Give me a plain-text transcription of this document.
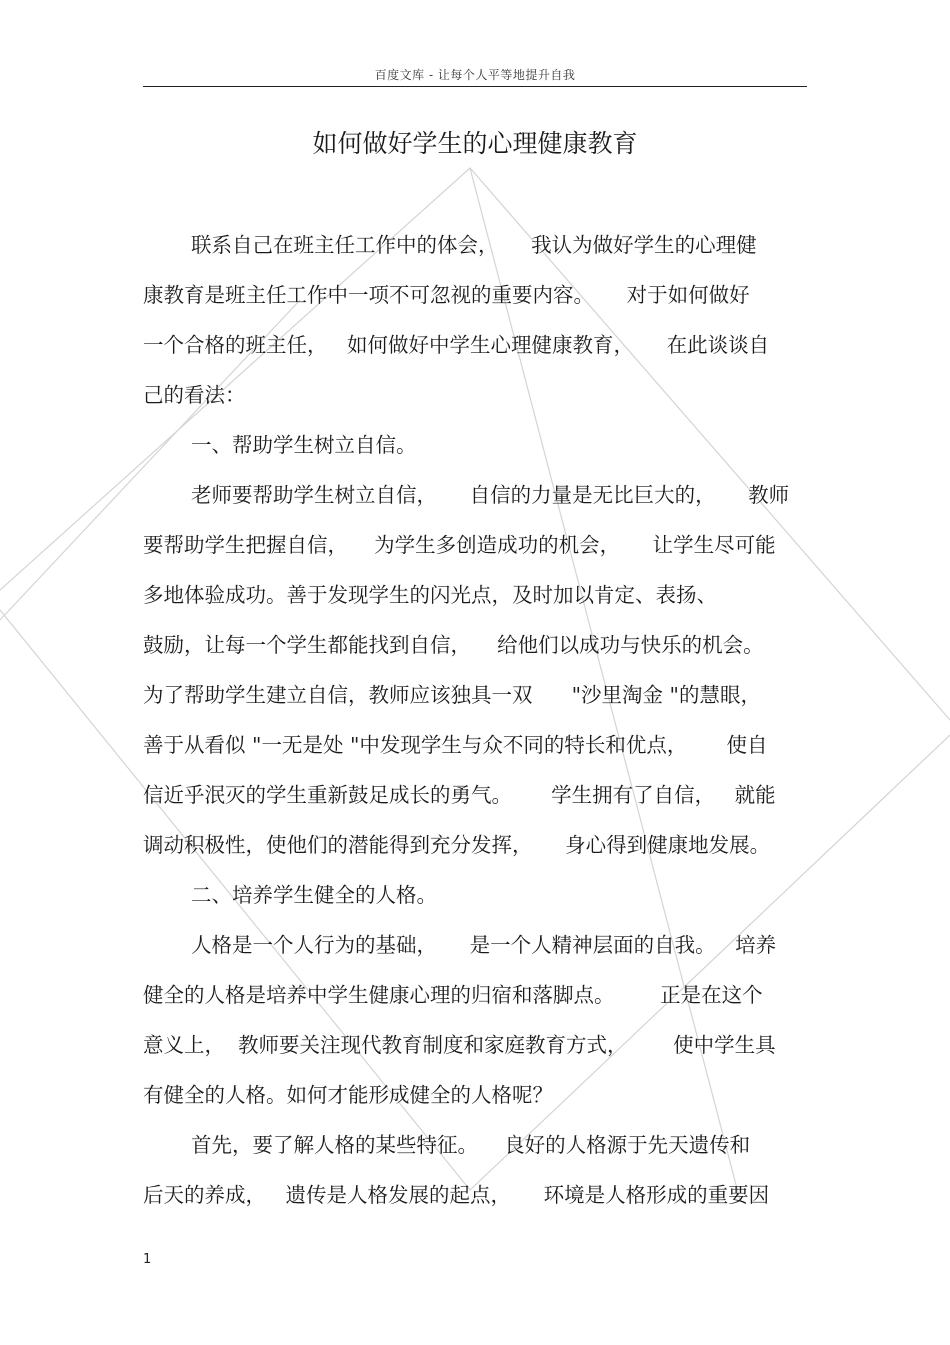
百度文库 - 让每个人平等地提升自我
如何做好学生的心理健康教育
联系自己在班主任工作中的体会，     我认为做好学生的心理健
康教育是班主任工作中一项不可忽视的重要内容。     对于如何做好
一个合格的班主任，   如何做好中学生心理健康教育，     在此谈谈自
己的看法：
一、帮助学生树立自信。
老师要帮助学生树立自信，     自信的力量是无比巨大的，     教师
要帮助学生把握自信，    为学生多创造成功的机会，     让学生尽可能
多地体验成功。善于发现学生的闪光点，及时加以肯定、表扬、
鼓励，让每一个学生都能找到自信，    给他们以成功与快乐的机会。
为了帮助学生建立自信，教师应该独具一双      "沙里淘金 "的慧眼，
善于从看似 "一无是处 "中发现学生与众不同的特长和优点，      使自
信近乎泯灭的学生重新鼓足成长的勇气。      学生拥有了自信，   就能
调动积极性，使他们的潜能得到充分发挥，     身心得到健康地发展。
二、培养学生健全的人格。
人格是一个人行为的基础，     是一个人精神层面的自我。   培养
健全的人格是培养中学生健康心理的归宿和落脚点。       正是在这个
意义上，  教师要关注现代教育制度和家庭教育方式，       使中学生具
有健全的人格。如何才能形成健全的人格呢？
首先，要了解人格的某些特征。    良好的人格源于先天遗传和
后天的养成，   遗传是人格发展的起点，     环境是人格形成的重要因
1
